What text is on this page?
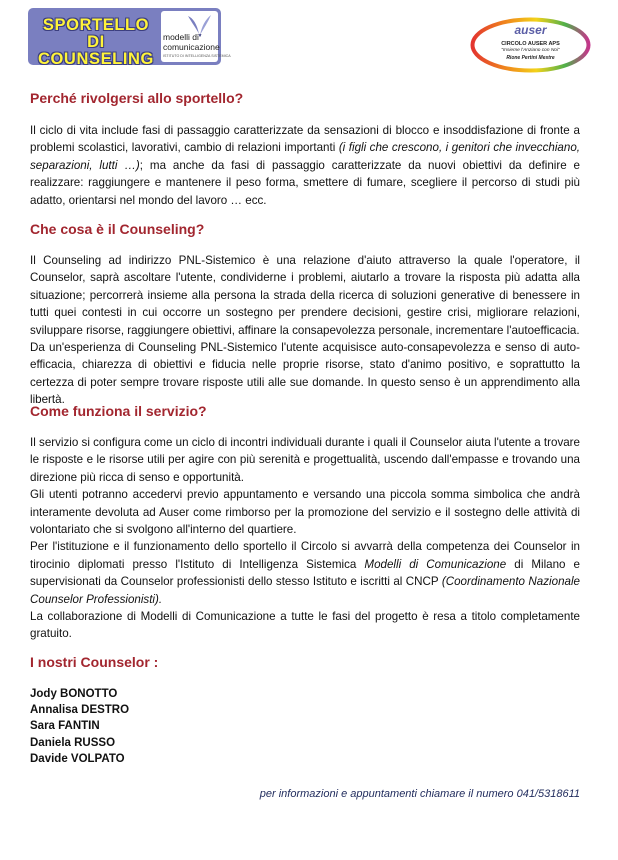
SPORTELLO DI
COUNSELING
modelli di
comunicazione
ISTITUTO DI INTELLIGENZA SISTEMICA
auser
CIRCOLO AUSER APS
"Insieme l'Anziano con Noi"
Rione Pertini Mestre
Perché rivolgersi allo sportello?

Il ciclo di vita include fasi di passaggio caratterizzate da sensazioni di blocco e insoddisfazione di fronte a problemi scolastici, lavorativi, cambio di relazioni importanti (i figli che crescono, i genitori che invecchiano, separazioni, lutti …); ma anche da fasi di passaggio caratterizzate da nuovi obiettivi da definire e realizzare: raggiungere e mantenere il peso forma, smettere di fumare, scegliere il percorso di studi più adatto, orientarsi nel mondo del lavoro … ecc.

Che cosa è il Counseling?

Il Counseling ad indirizzo PNL-Sistemico è una relazione d'aiuto attraverso la quale l'operatore, il Counselor, saprà ascoltare l'utente, condividerne i problemi, aiutarlo a trovare la risposta più adatta alla situazione; percorrerà insieme alla persona la strada della ricerca di soluzioni generative di benessere in tutti quei contesti in cui occorre un sostegno per prendere decisioni, gestire crisi, migliorare relazioni, sviluppare risorse, raggiungere obiettivi, affinare la consapevolezza personale, incrementare l'autoefficacia.

Da un'esperienza di Counseling PNL-Sistemico l'utente acquisisce auto-consapevolezza e senso di auto-efficacia, chiarezza di obiettivi e fiducia nelle proprie risorse, stato d'animo positivo, e soprattutto la certezza di poter sempre trovare risposte utili alle sue domande. In questo senso è un apprendimento alla libertà.

Come funziona il servizio?

Il servizio si configura come un ciclo di incontri individuali durante i quali il Counselor aiuta l'utente a trovare le risposte e le risorse utili per agire con più serenità e progettualità, uscendo dall'empasse e trovando una direzione più ricca di senso e opportunità.

Gli utenti potranno accedervi previo appuntamento e versando una piccola somma simbolica che andrà interamente devoluta ad Auser come rimborso per la promozione del servizio e il sostegno delle attività di volontariato che si svolgono all'interno del quartiere.

Per l'istituzione e il funzionamento dello sportello il Circolo si avvarrà della competenza dei Counselor in tirocinio diplomati presso l'Istituto di Intelligenza Sistemica Modelli di Comunicazione di Milano e supervisionati da Counselor professionisti dello stesso Istituto e iscritti al CNCP (Coordinamento Nazionale Counselor Professionisti).

La collaborazione di Modelli di Comunicazione a tutte le fasi del progetto è resa a titolo completamente gratuito.

I nostri Counselor :
Jody BONOTTO
Annalisa DESTRO
Sara FANTIN
Daniela RUSSO
Davide VOLPATO
per informazioni e appuntamenti chiamare il numero 041/5318611
